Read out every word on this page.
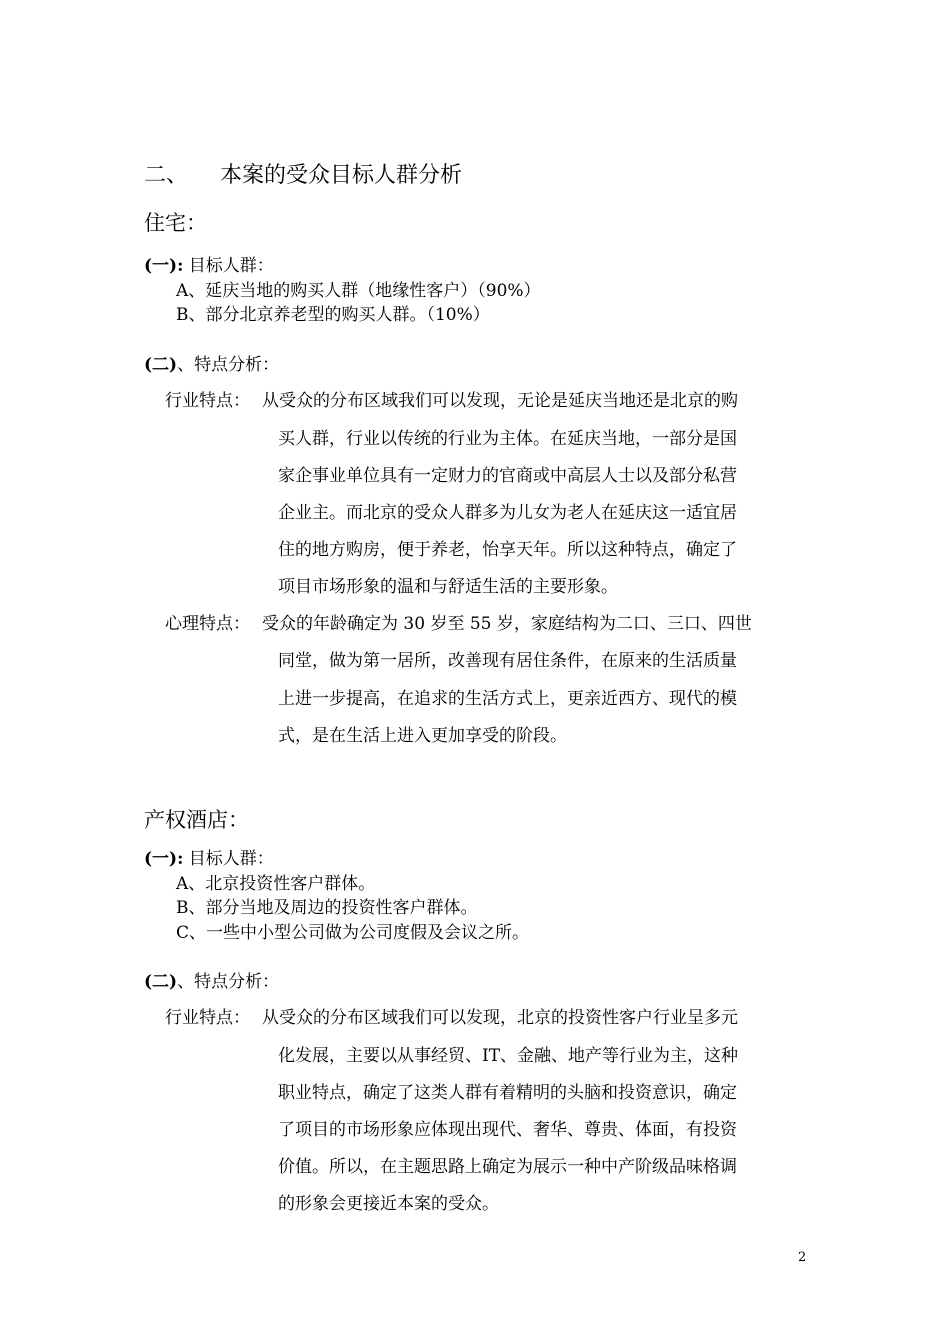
二、 本案的受众目标人群分析
住宅：
(一): 目标人群：
A、延庆当地的购买人群（地缘性客户）（90%）
B、部分北京养老型的购买人群。（10%）
(二)、特点分析：
行业特点： 从受众的分布区域我们可以发现，无论是延庆当地还是北京的购
买人群，行业以传统的行业为主体。在延庆当地，一部分是国
家企事业单位具有一定财力的官商或中高层人士以及部分私营
企业主。而北京的受众人群多为儿女为老人在延庆这一适宜居
住的地方购房，便于养老，怡享天年。所以这种特点，确定了
项目市场形象的温和与舒适生活的主要形象。
心理特点： 受众的年龄确定为 30 岁至 55 岁，家庭结构为二口、三口、四世
同堂，做为第一居所，改善现有居住条件，在原来的生活质量
上进一步提高，在追求的生活方式上，更亲近西方、现代的模
式，是在生活上进入更加享受的阶段。
产权酒店：
(一): 目标人群：
A、北京投资性客户群体。
B、部分当地及周边的投资性客户群体。
C、一些中小型公司做为公司度假及会议之所。
(二)、特点分析：
行业特点： 从受众的分布区域我们可以发现，北京的投资性客户行业呈多元
化发展，主要以从事经贸、IT、金融、地产等行业为主，这种
职业特点，确定了这类人群有着精明的头脑和投资意识，确定
了项目的市场形象应体现出现代、奢华、尊贵、体面，有投资
价值。所以，在主题思路上确定为展示一种中产阶级品味格调
的形象会更接近本案的受众。
2
